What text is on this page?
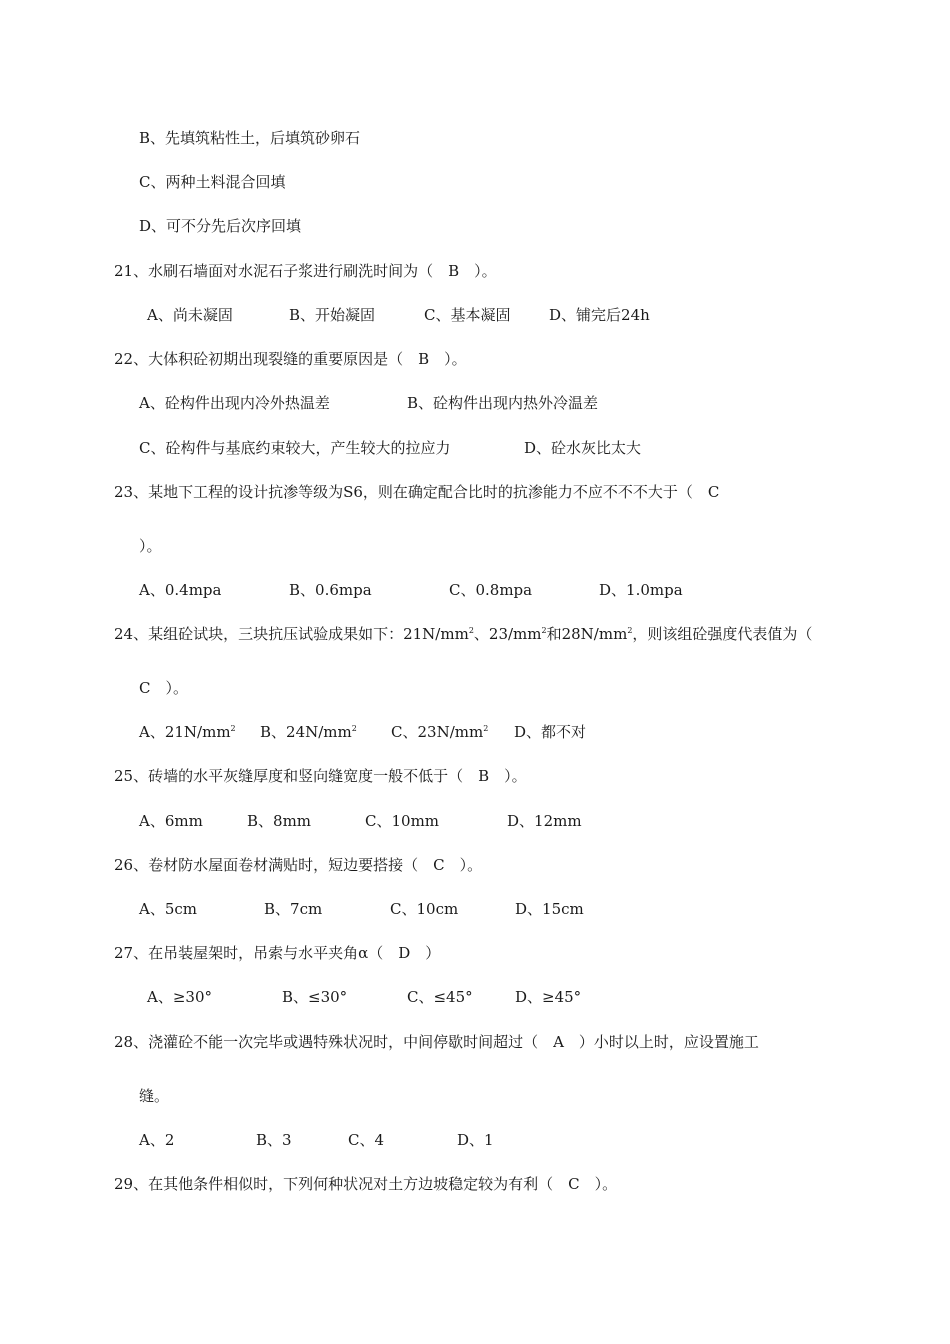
B、先填筑粘性土，后填筑砂卵石
C、两种土料混合回填
D、可不分先后次序回填
21、水刷石墙面对水泥石子浆进行刷洗时间为（　B　）。
A、尚未凝固	B、开始凝固	C、基本凝固	D、铺完后24h
22、大体积砼初期出现裂缝的重要原因是（　B　）。
A、砼构件出现内冷外热温差	B、砼构件出现内热外冷温差
C、砼构件与基底约束较大，产生较大的拉应力	D、砼水灰比太大
23、某地下工程的设计抗渗等级为S6，则在确定配合比时的抗渗能力不应不不不大于（　C
）。
A、0.4mpa	B、0.6mpa	C、0.8mpa	D、1.0mpa
24、某组砼试块，三块抗压试验成果如下：$21N/mm^2$、$23/mm^2$和$28N/mm^2$，则该组砼强度代表值为（
C　）。
A、$21N/mm^2$ B、$24N/mm^2$ C、$23N/mm^2$ D、都不对
25、砖墙的水平灰缝厚度和竖向缝宽度一般不低于（　B　）。
A、6mm	B、8mm	C、10mm	D、12mm
26、卷材防水屋面卷材满贴时，短边要搭接（　C　）。
A、5cm	B、7cm	C、10cm	D、15cm
27、在吊装屋架时，吊索与水平夹角α（　D　）
A、≥30°	B、≤30°	C、≤45°	D、≥45°
28、浇灌砼不能一次完毕或遇特殊状况时，中间停歇时间超过（　A　）小时以上时，应设置施工
缝。
A、2	B、3	C、4	D、1
29、在其他条件相似时，下列何种状况对土方边坡稳定较为有利（　C　）。
